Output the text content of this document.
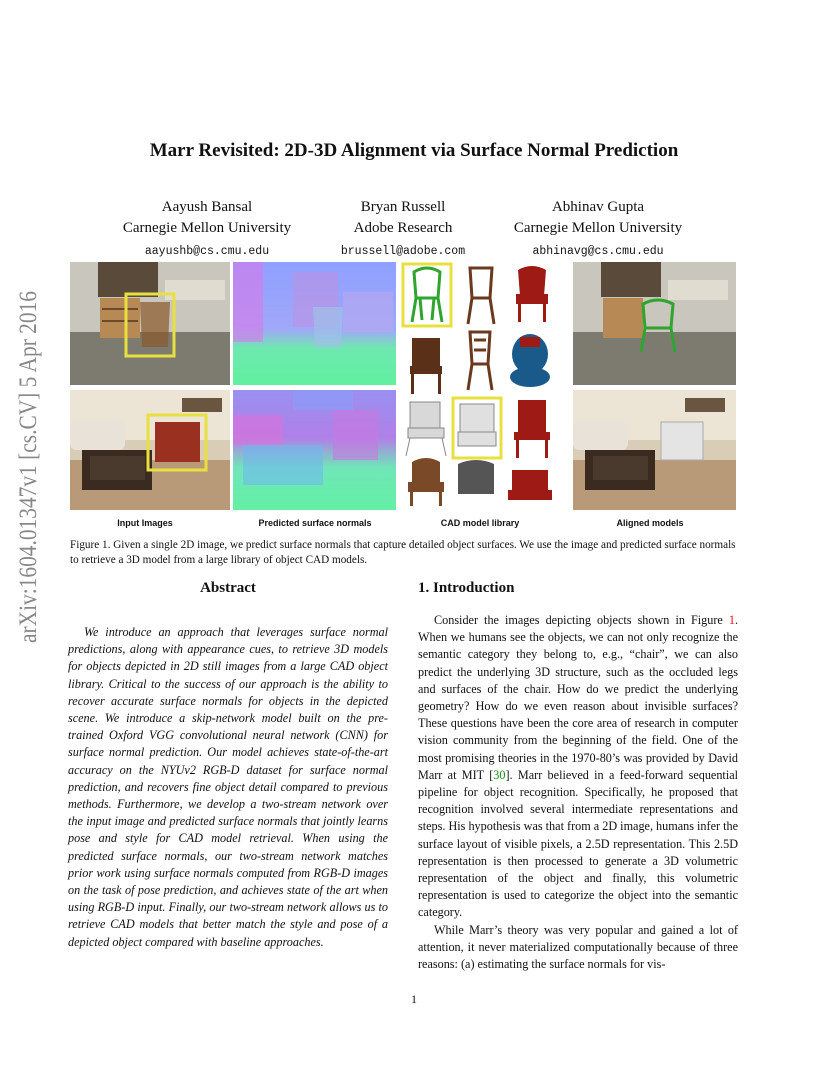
arXiv:1604.01347v1 [cs.CV] 5 Apr 2016
Marr Revisited: 2D-3D Alignment via Surface Normal Prediction
Aayush Bansal
Carnegie Mellon University
aayushb@cs.cmu.edu
Bryan Russell
Adobe Research
brussell@adobe.com
Abhinav Gupta
Carnegie Mellon University
abhinavg@cs.cmu.edu
Input Images	Predicted surface normals	CAD model library	Aligned models
Figure 1. Given a single 2D image, we predict surface normals that capture detailed object surfaces. We use the image and predicted surface normals to retrieve a 3D model from a large library of object CAD models.
Abstract
We introduce an approach that leverages surface normal predictions, along with appearance cues, to retrieve 3D models for objects depicted in 2D still images from a large CAD object library. Critical to the success of our approach is the ability to recover accurate surface normals for objects in the depicted scene. We introduce a skip-network model built on the pre-trained Oxford VGG convolutional neural network (CNN) for surface normal prediction. Our model achieves state-of-the-art accuracy on the NYUv2 RGB-D dataset for surface normal prediction, and recovers fine object detail compared to previous methods. Furthermore, we develop a two-stream network over the input image and predicted surface normals that jointly learns pose and style for CAD model retrieval. When using the predicted surface normals, our two-stream network matches prior work using surface normals computed from RGB-D images on the task of pose prediction, and achieves state of the art when using RGB-D input. Finally, our two-stream network allows us to retrieve CAD models that better match the style and pose of a depicted object compared with baseline approaches.
1. Introduction

Consider the images depicting objects shown in Figure 1. When we humans see the objects, we can not only recognize the semantic category they belong to, e.g., “chair”, we can also predict the underlying 3D structure, such as the occluded legs and surfaces of the chair. How do we predict the underlying geometry? How do we even reason about invisible surfaces? These questions have been the core area of research in computer vision community from the beginning of the field. One of the most promising theories in the 1970-80’s was provided by David Marr at MIT [30]. Marr believed in a feed-forward sequential pipeline for object recognition. Specifically, he proposed that recognition involved several intermediate representations and steps. His hypothesis was that from a 2D image, humans infer the surface layout of visible pixels, a 2.5D representation. This 2.5D representation is then processed to generate a 3D volumetric representation of the object and finally, this volumetric representation is used to categorize the object into the semantic category.

While Marr’s theory was very popular and gained a lot of attention, it never materialized computationally because of three reasons: (a) estimating the surface normals for vis-

1
